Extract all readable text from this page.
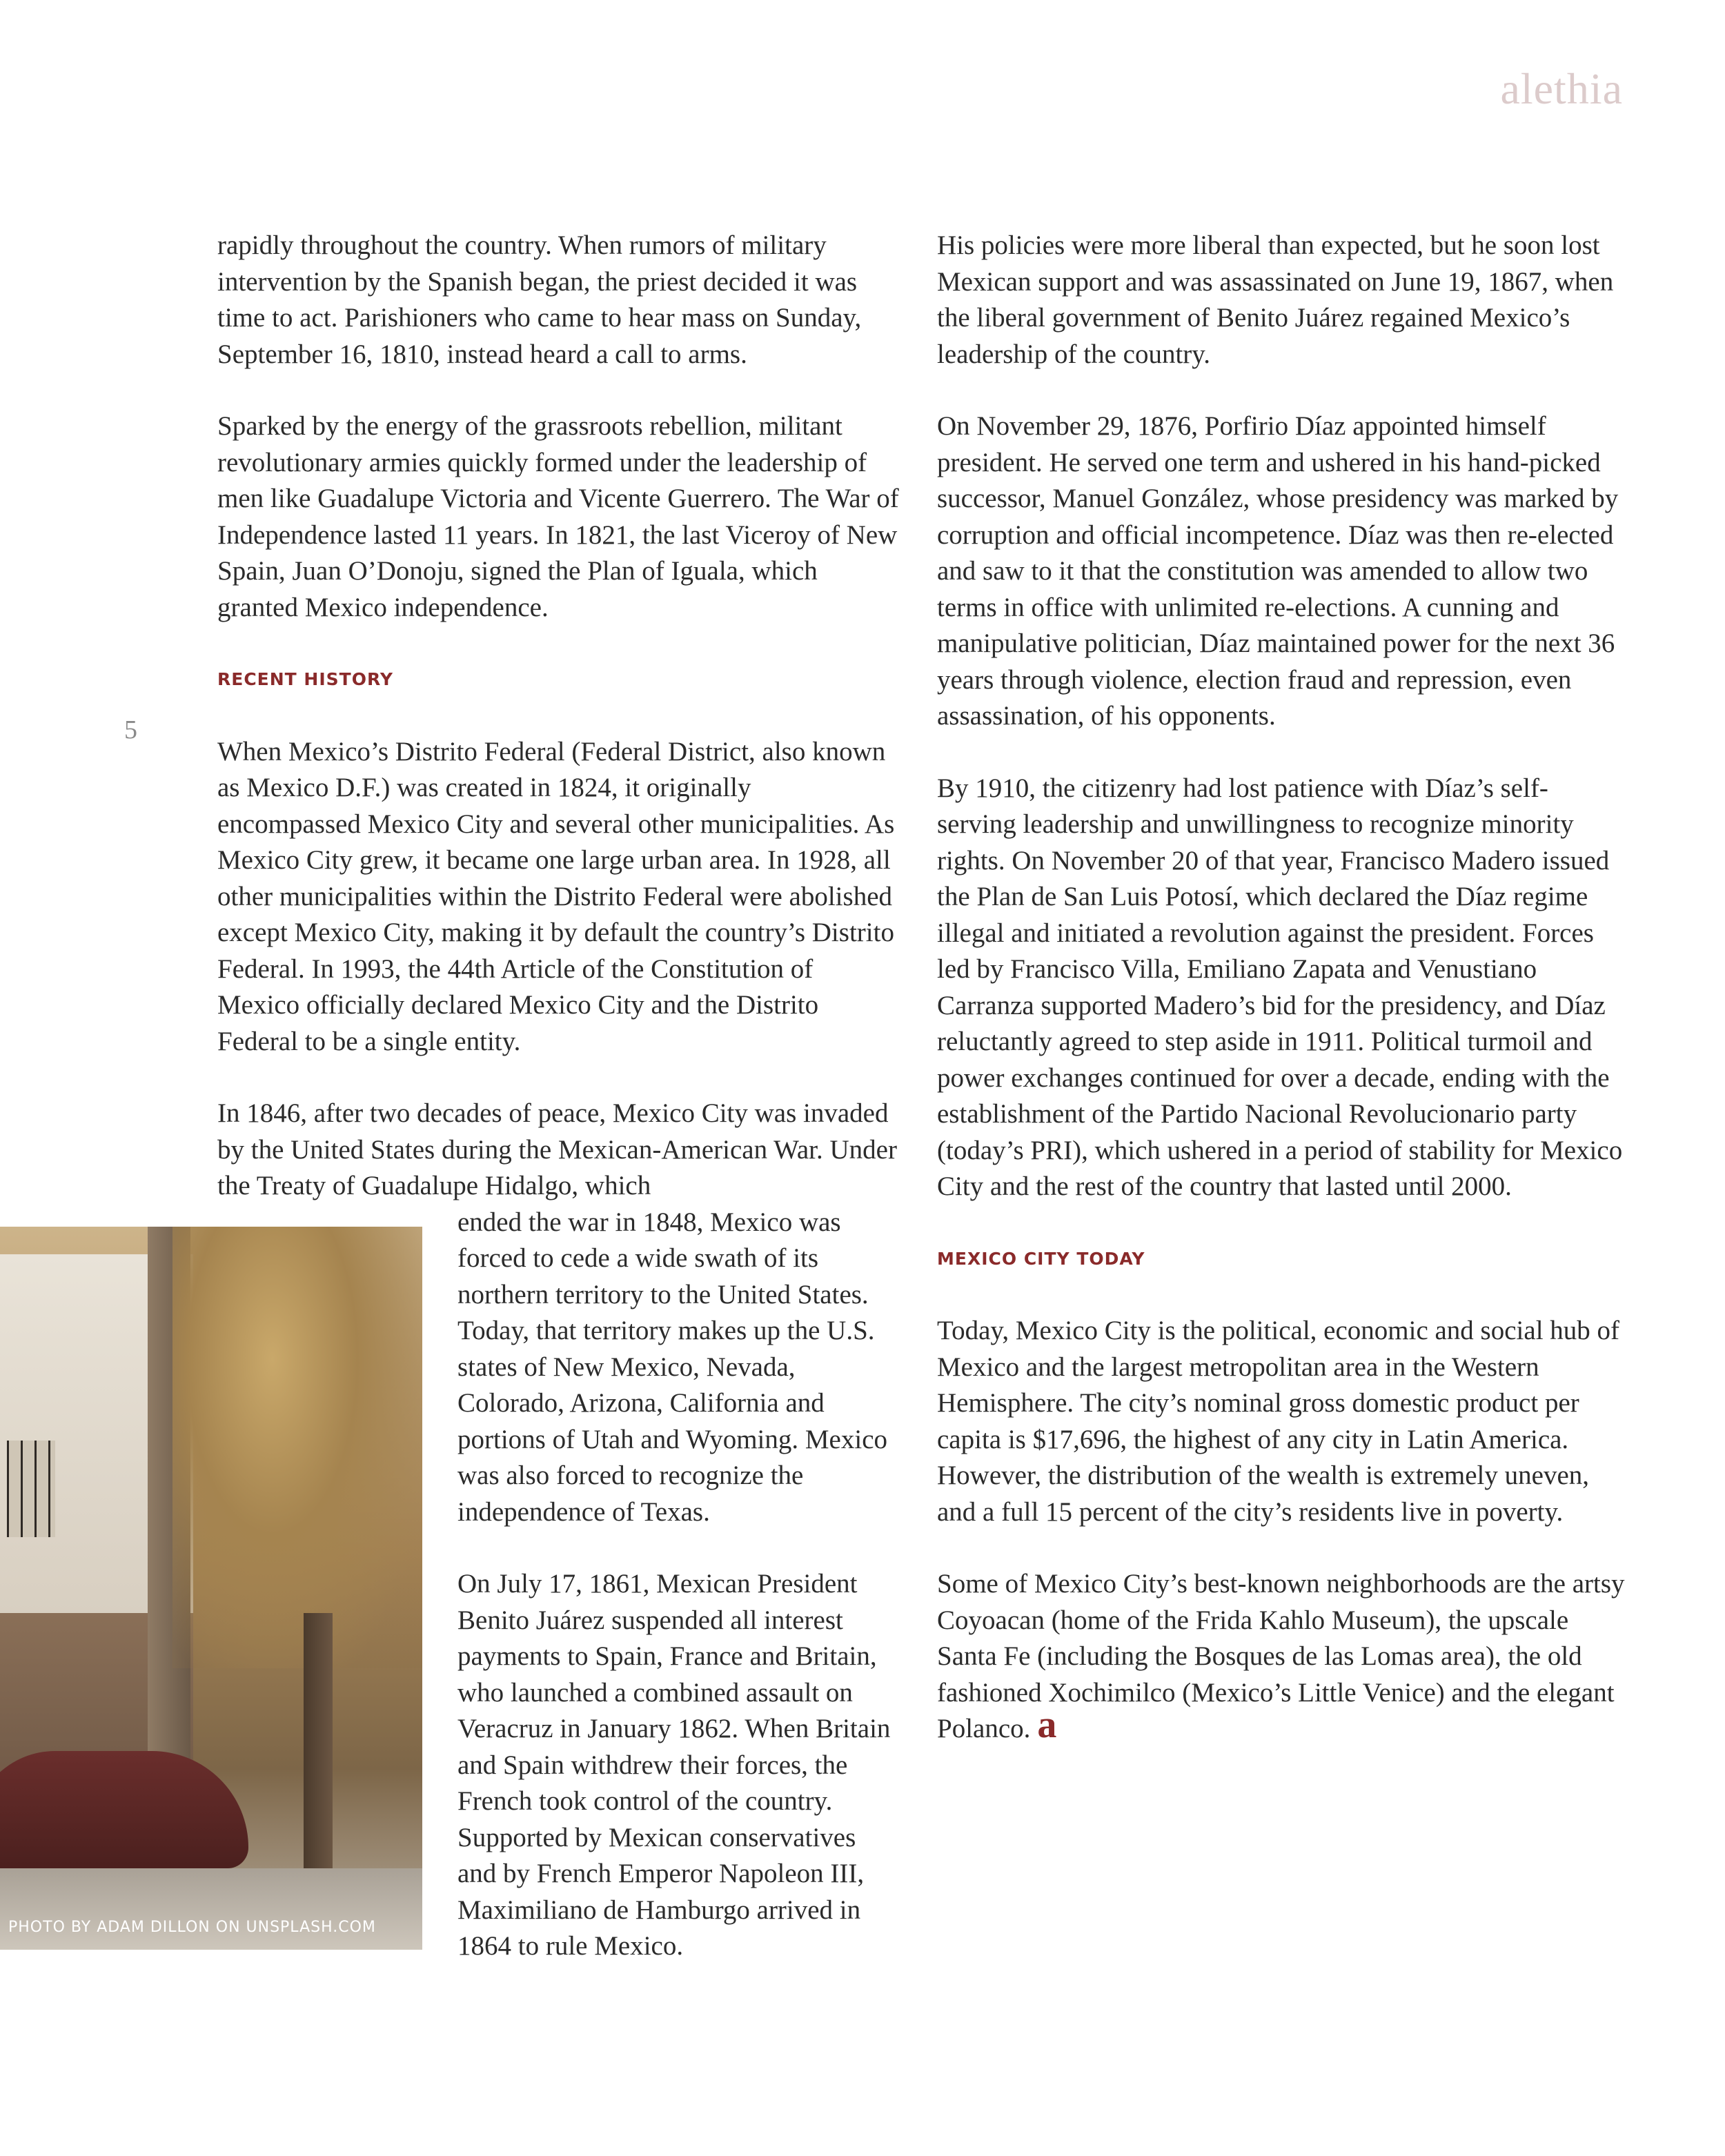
alethia
5

rapidly throughout the country. When rumors of military intervention by the Spanish began, the priest decided it was time to act. Parishioners who came to hear mass on Sunday, September 16, 1810, instead heard a call to arms.

Sparked by the energy of the grassroots rebellion, militant revolutionary armies quickly formed under the leadership of men like Guadalupe Victoria and Vicente Guerrero. The War of Independence lasted 11 years. In 1821, the last Viceroy of New Spain, Juan O’Donoju, signed the Plan of Iguala, which granted Mexico independence.

RECENT HISTORY

When Mexico’s Distrito Federal (Federal District, also known as Mexico D.F.) was created in 1824, it originally encompassed Mexico City and several other municipalities. As Mexico City grew, it became one large urban area. In 1928, all other municipalities within the Distrito Federal were abolished except Mexico City, making it by default the country’s Distrito Federal. In 1993, the 44th Article of the Constitution of Mexico officially declared Mexico City and the Distrito Federal to be a single entity.

In 1846, after two decades of peace, Mexico City was invaded by the United States during the Mexican-American War. Under the Treaty of Guadalupe Hidalgo, which

ended the war in 1848, Mexico was forced to cede a wide swath of its northern territory to the United States. Today, that territory makes up the U.S. states of New Mexico, Nevada, Colorado, Arizona, California and portions of Utah and Wyoming. Mexico was also forced to recognize the independence of Texas.

On July 17, 1861, Mexican President Benito Juárez suspended all interest payments to Spain, France and Britain, who launched a combined assault on Veracruz in January 1862. When Britain and Spain withdrew their forces, the French took control of the country. Supported by Mexican conservatives and by French Emperor Napoleon III, Maximiliano de Hamburgo arrived in 1864 to rule Mexico.

His policies were more liberal than expected, but he soon lost Mexican support and was assassinated on June 19, 1867, when the liberal government of Benito Juárez regained Mexico’s leadership of the country.

On November 29, 1876, Porfirio Díaz appointed himself president. He served one term and ushered in his hand-picked successor, Manuel González, whose presidency was marked by corruption and official incompetence. Díaz was then re-elected and saw to it that the constitution was amended to allow two terms in office with unlimited re-elections. A cunning and manipulative politician, Díaz maintained power for the next 36 years through violence, election fraud and repression, even assassination, of his opponents.

By 1910, the citizenry had lost patience with Díaz’s self-serving leadership and unwillingness to recognize minority rights. On November 20 of that year, Francisco Madero issued the Plan de San Luis Potosí, which declared the Díaz regime illegal and initiated a revolution against the president. Forces led by Francisco Villa, Emiliano Zapata and Venustiano Carranza supported Madero’s bid for the presidency, and Díaz reluctantly agreed to step aside in 1911. Political turmoil and power exchanges continued for over a decade, ending with the establishment of the Partido Nacional Revolucionario party (today’s PRI), which ushered in a period of stability for Mexico City and the rest of the country that lasted until 2000.

MEXICO CITY TODAY

Today, Mexico City is the political, economic and social hub of Mexico and the largest metropolitan area in the Western Hemisphere. The city’s nominal gross domestic product per capita is $17,696, the highest of any city in Latin America. However, the distribution of the wealth is extremely uneven, and a full 15 percent of the city’s residents live in poverty.

Some of Mexico City’s best-known neighborhoods are the artsy Coyoacan (home of the Frida Kahlo Museum), the upscale Santa Fe (including the Bosques de las Lomas area), the old fashioned Xochimilco (Mexico’s Little Venice) and the elegant Polanco. a

PHOTO BY ADAM DILLON ON UNSPLASH.COM
